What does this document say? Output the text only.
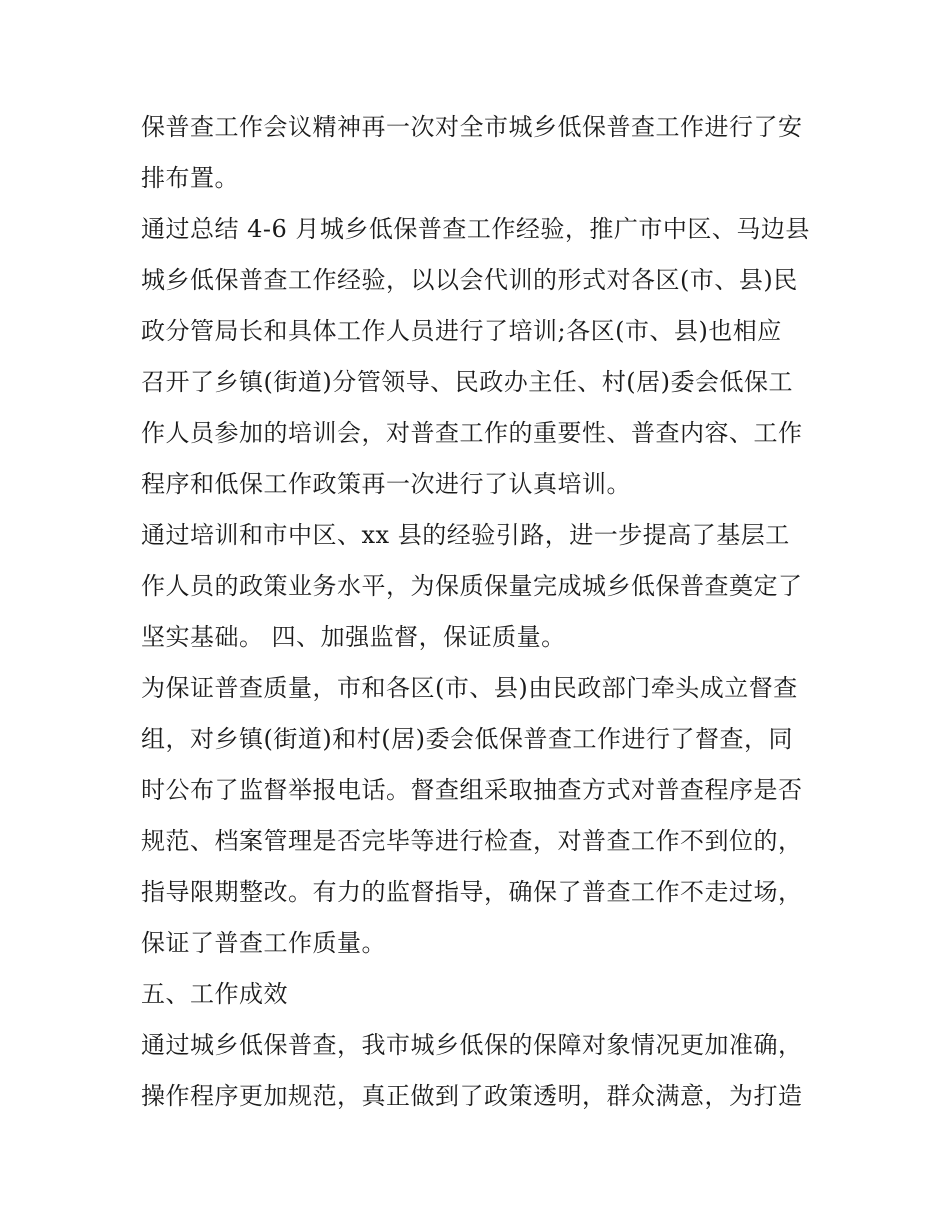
保普查工作会议精神再一次对全市城乡低保普查工作进行了安
排布置。
通过总结 4-6 月城乡低保普查工作经验，推广市中区、马边县
城乡低保普查工作经验，以以会代训的形式对各区(市、县)民
政分管局长和具体工作人员进行了培训;各区(市、县)也相应
召开了乡镇(街道)分管领导、民政办主任、村(居)委会低保工
作人员参加的培训会，对普查工作的重要性、普查内容、工作
程序和低保工作政策再一次进行了认真培训。
通过培训和市中区、xx 县的经验引路，进一步提高了基层工
作人员的政策业务水平，为保质保量完成城乡低保普查奠定了
坚实基础。 四、加强监督，保证质量。
为保证普查质量，市和各区(市、县)由民政部门牵头成立督查
组，对乡镇(街道)和村(居)委会低保普查工作进行了督查，同
时公布了监督举报电话。督查组采取抽查方式对普查程序是否
规范、档案管理是否完毕等进行检查，对普查工作不到位的，
指导限期整改。有力的监督指导，确保了普查工作不走过场，
保证了普查工作质量。
五、工作成效
通过城乡低保普查，我市城乡低保的保障对象情况更加准确，
操作程序更加规范，真正做到了政策透明，群众满意，为打造
